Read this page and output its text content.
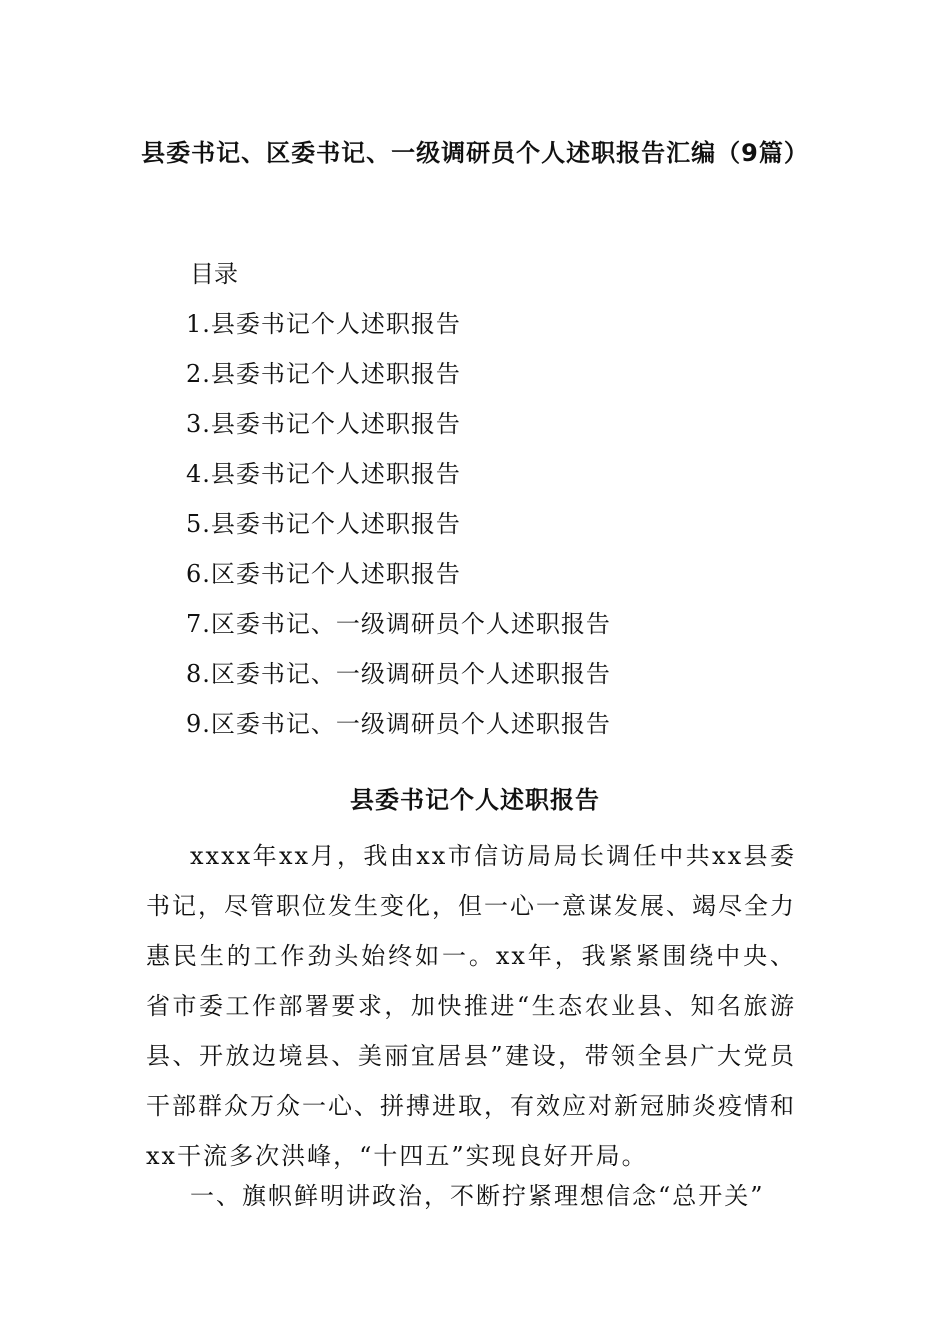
县委书记、区委书记、一级调研员个人述职报告汇编（9篇）
目录
1.县委书记个人述职报告
2.县委书记个人述职报告
3.县委书记个人述职报告
4.县委书记个人述职报告
5.县委书记个人述职报告
6.区委书记个人述职报告
7.区委书记、一级调研员个人述职报告
8.区委书记、一级调研员个人述职报告
9.区委书记、一级调研员个人述职报告
县委书记个人述职报告

xxxx年xx月，我由xx市信访局局长调任中共xx县委书记，尽管职位发生变化，但一心一意谋发展、竭尽全力惠民生的工作劲头始终如一。xx年，我紧紧围绕中央、省市委工作部署要求，加快推进“生态农业县、知名旅游县、开放边境县、美丽宜居县”建设，带领全县广大党员干部群众万众一心、拼搏进取，有效应对新冠肺炎疫情和xx干流多次洪峰，“十四五”实现良好开局。

一、旗帜鲜明讲政治，不断拧紧理想信念“总开关”
